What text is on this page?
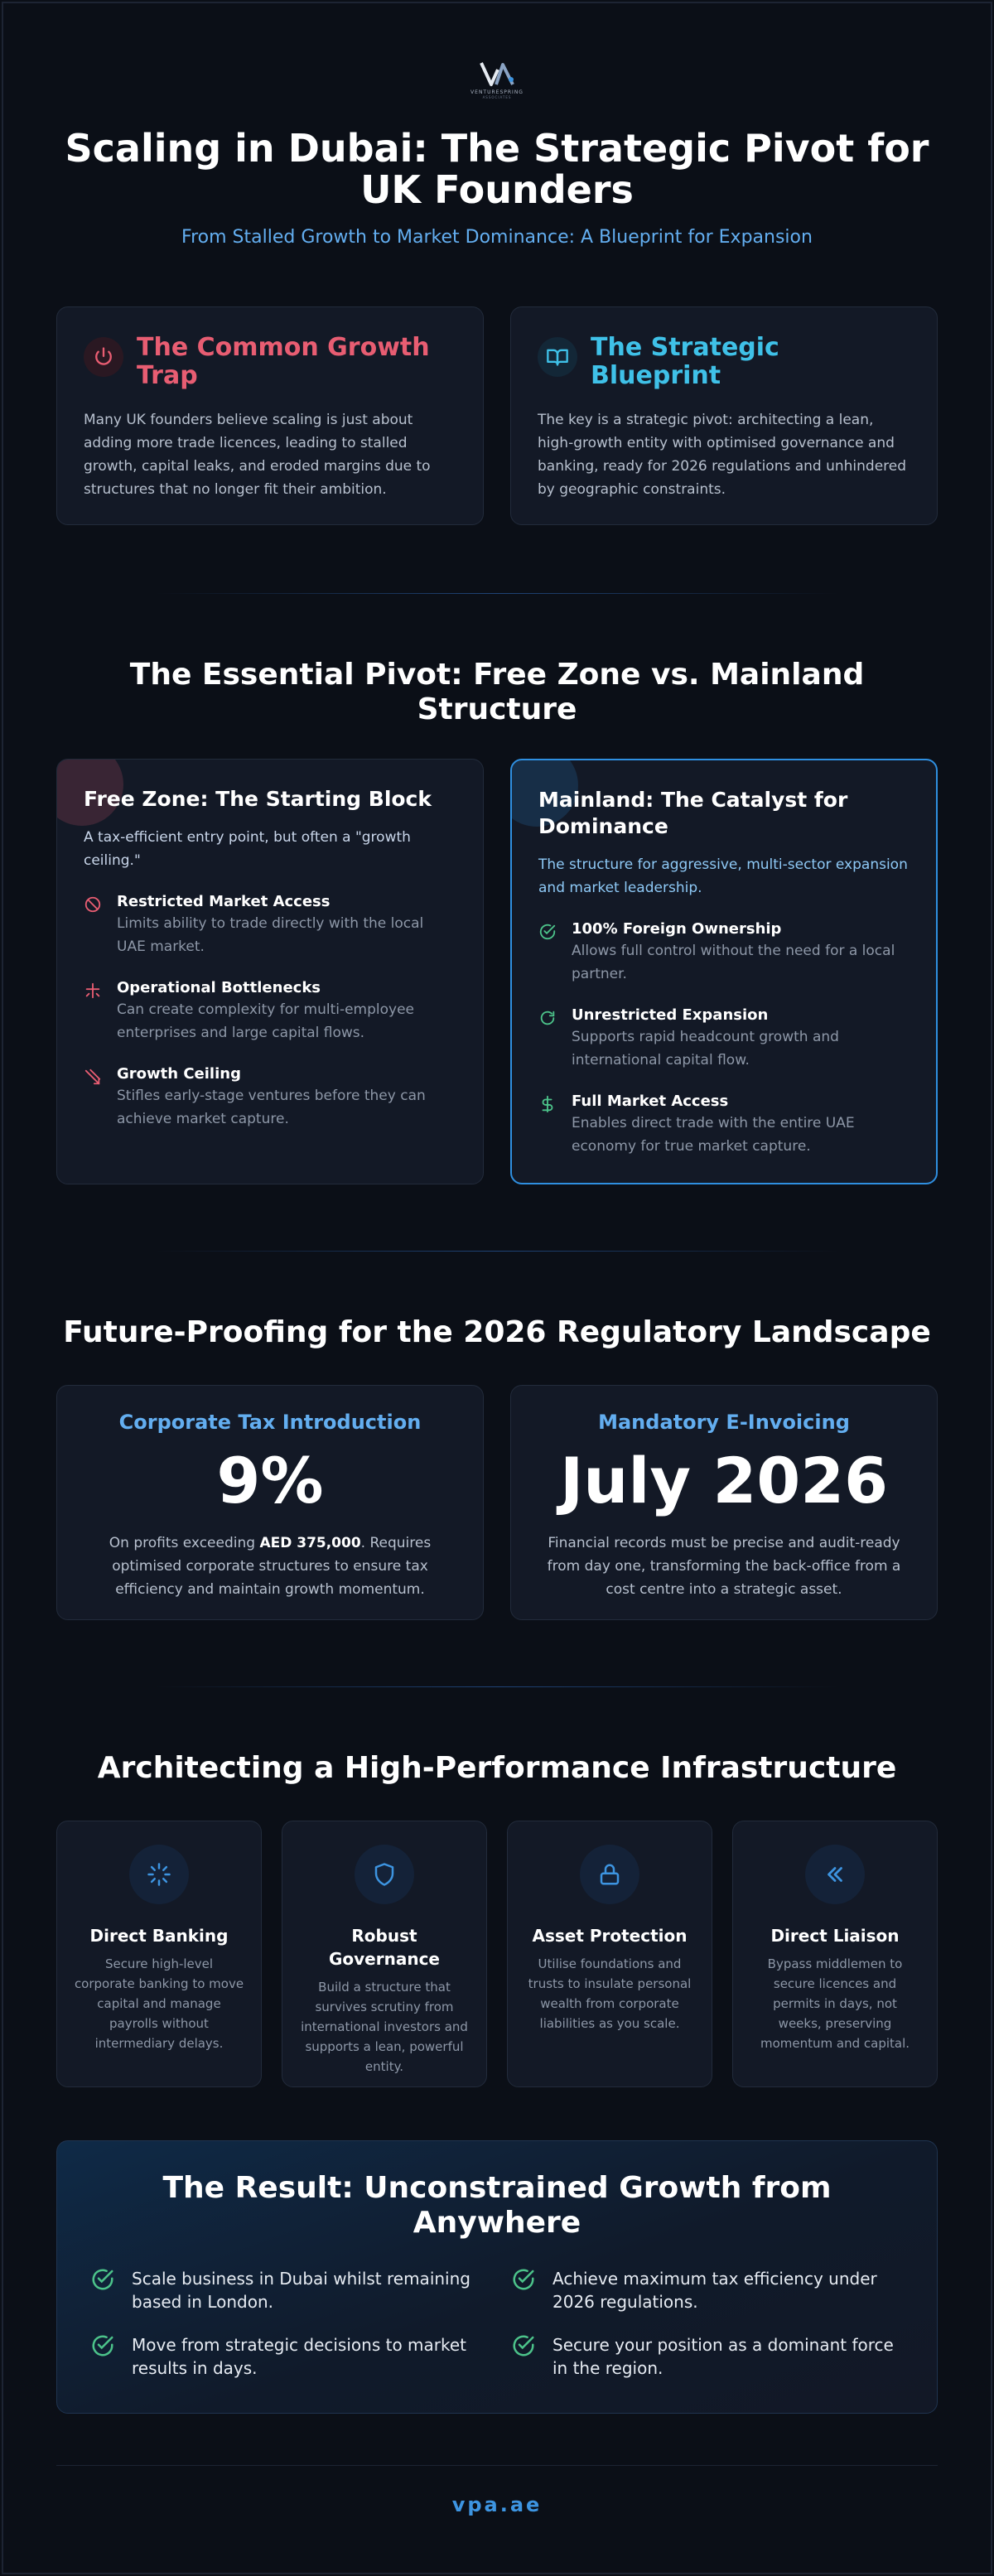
VENTURESPRING
ASSOCIATES
Scaling in Dubai: The Strategic Pivot for UK Founders
From Stalled Growth to Market Dominance: A Blueprint for Expansion
The Common Growth Trap

Many UK founders believe scaling is just about adding more trade licences, leading to stalled growth, capital leaks, and eroded margins due to structures that no longer fit their ambition.

The Strategic Blueprint

The key is a strategic pivot: architecting a lean, high-growth entity with optimised governance and banking, ready for 2026 regulations and unhindered by geographic constraints.

The Essential Pivot: Free Zone vs. Mainland Structure
Free Zone: The Starting Block
A tax-efficient entry point, but often a "growth ceiling."
Restricted Market Access
Limits ability to trade directly with the local UAE market.
Operational Bottlenecks
Can create complexity for multi-employee enterprises and large capital flows.
Growth Ceiling
Stifles early-stage ventures before they can achieve market capture.
Mainland: The Catalyst for Dominance
The structure for aggressive, multi-sector expansion and market leadership.
100% Foreign Ownership
Allows full control without the need for a local partner.
Unrestricted Expansion
Supports rapid headcount growth and international capital flow.
Full Market Access
Enables direct trade with the entire UAE economy for true market capture.
Future-Proofing for the 2026 Regulatory Landscape
Corporate Tax Introduction
9%
On profits exceeding AED 375,000. Requires optimised corporate structures to ensure tax efficiency and maintain growth momentum.
Mandatory E-Invoicing
July 2026
Financial records must be precise and audit-ready from day one, transforming the back-office from a cost centre into a strategic asset.
Architecting a High-Performance Infrastructure
Direct Banking
Secure high-level corporate banking to move capital and manage payrolls without intermediary delays.
Robust Governance
Build a structure that survives scrutiny from international investors and supports a lean, powerful entity.
Asset Protection
Utilise foundations and trusts to insulate personal wealth from corporate liabilities as you scale.
Direct Liaison
Bypass middlemen to secure licences and permits in days, not weeks, preserving momentum and capital.
The Result: Unconstrained Growth from Anywhere
Scale business in Dubai whilst remaining based in London.
Achieve maximum tax efficiency under 2026 regulations.
Move from strategic decisions to market results in days.
Secure your position as a dominant force in the region.
vpa.ae
